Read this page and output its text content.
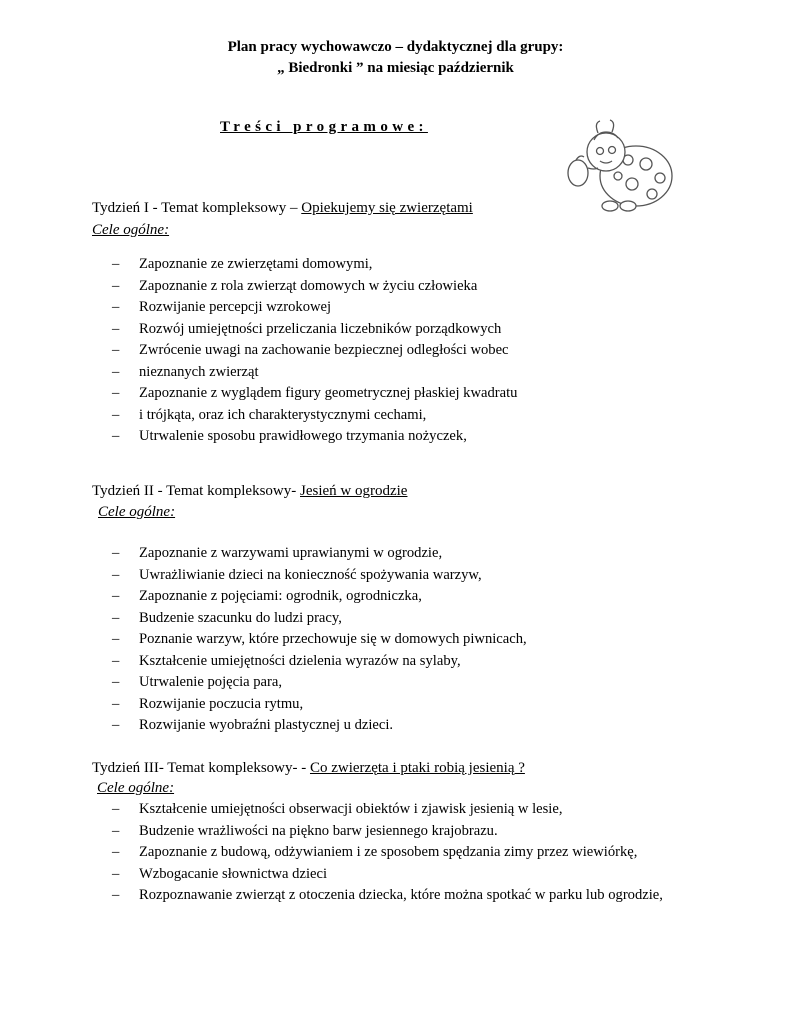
Plan pracy wychowawczo – dydaktycznej dla grupy:
„ Biedronki ” na miesiąc październik
Treści programowe:
Tydzień I - Temat kompleksowy – Opiekujemy się zwierzętami
Cele ogólne:
– Zapoznanie ze zwierzętami domowymi,
– Zapoznanie z rola zwierząt domowych w życiu człowieka
– Rozwijanie percepcji wzrokowej
– Rozwój umiejętności przeliczania liczebników porządkowych
– Zwrócenie uwagi na zachowanie bezpiecznej odległości wobec
– nieznanych zwierząt
– Zapoznanie z wyglądem figury geometrycznej płaskiej kwadratu
– i trójkąta, oraz ich charakterystycznymi cechami,
– Utrwalenie sposobu prawidłowego trzymania nożyczek,
Tydzień II - Temat kompleksowy- Jesień w ogrodzie
Cele ogólne:
– Zapoznanie z warzywami uprawianymi w ogrodzie,
– Uwrażliwianie dzieci na konieczność spożywania warzyw,
– Zapoznanie z pojęciami: ogrodnik, ogrodniczka,
– Budzenie szacunku do ludzi pracy,
– Poznanie warzyw, które przechowuje się w domowych piwnicach,
– Kształcenie umiejętności dzielenia wyrazów na sylaby,
– Utrwalenie pojęcia para,
– Rozwijanie poczucia rytmu,
– Rozwijanie wyobraźni plastycznej u dzieci.
Tydzień III- Temat kompleksowy- - Co zwierzęta i ptaki robią jesienią ?
Cele ogólne:
– Kształcenie umiejętności obserwacji obiektów i zjawisk jesienią w lesie,
– Budzenie wrażliwości na piękno barw jesiennego krajobrazu.
– Zapoznanie z budową, odżywianiem i ze sposobem spędzania zimy przez wiewiórkę,
– Wzbogacanie słownictwa dzieci
– Rozpoznawanie zwierząt z otoczenia dziecka, które można spotkać w parku lub ogrodzie,
